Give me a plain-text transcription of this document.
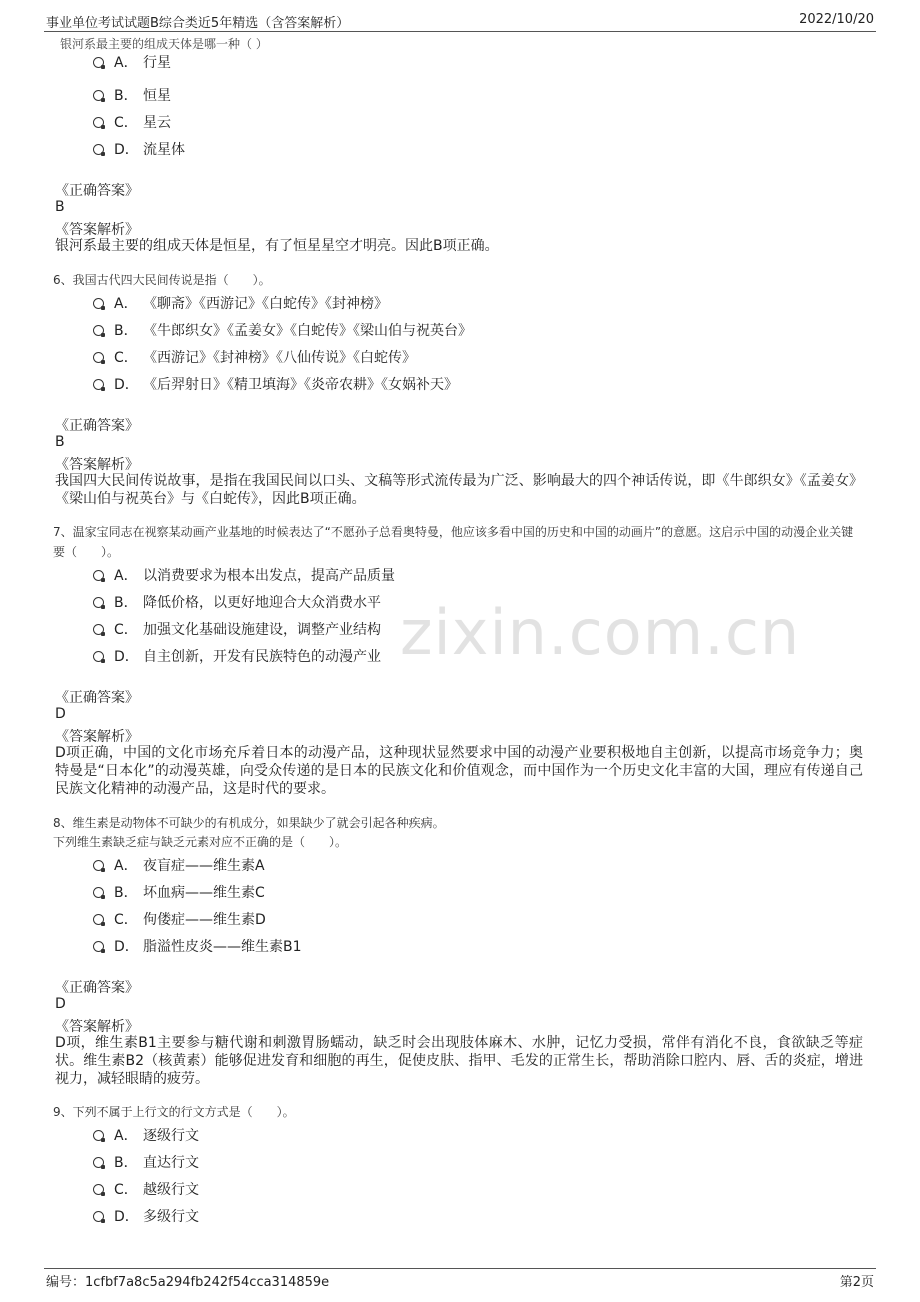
事业单位考试试题B综合类近5年精选（含答案解析）	2022/10/20
银河系最主要的组成天体是哪一种（ ）
A． 行星
B． 恒星
C． 星云
D． 流星体
《正确答案》
B
《答案解析》
银河系最主要的组成天体是恒星，有了恒星星空才明亮。因此B项正确。
6、我国古代四大民间传说是指（　　）。
A． 《聊斋》《西游记》《白蛇传》《封神榜》
B． 《牛郎织女》《孟姜女》《白蛇传》《梁山伯与祝英台》
C． 《西游记》《封神榜》《八仙传说》《白蛇传》
D． 《后羿射日》《精卫填海》《炎帝农耕》《女娲补天》
《正确答案》
B
《答案解析》
我国四大民间传说故事，是指在我国民间以口头、文稿等形式流传最为广泛、影响最大的四个神话传说，即《牛郎织女》《孟姜女》《梁山伯与祝英台》与《白蛇传》，因此B项正确。
7、温家宝同志在视察某动画产业基地的时候表达了“不愿孙子总看奥特曼，他应该多看中国的历史和中国的动画片”的意愿。这启示中国的动漫企业关键要（　　）。
A． 以消费要求为根本出发点，提高产品质量
B． 降低价格，以更好地迎合大众消费水平
C． 加强文化基础设施建设，调整产业结构
D． 自主创新，开发有民族特色的动漫产业
《正确答案》
D
《答案解析》
D项正确，中国的文化市场充斥着日本的动漫产品，这种现状显然要求中国的动漫产业要积极地自主创新，以提高市场竞争力；奥特曼是“日本化”的动漫英雄，向受众传递的是日本的民族文化和价值观念，而中国作为一个历史文化丰富的大国，理应有传递自己民族文化精神的动漫产品，这是时代的要求。
8、维生素是动物体不可缺少的有机成分，如果缺少了就会引起各种疾病。
下列维生素缺乏症与缺乏元素对应不正确的是（　　）。
A． 夜盲症——维生素A
B． 坏血病——维生素C
C． 佝偻症——维生素D
D． 脂溢性皮炎——维生素B1
《正确答案》
D
《答案解析》
D项，维生素B1主要参与糖代谢和刺激胃肠蠕动，缺乏时会出现肢体麻木、水肿，记忆力受损，常伴有消化不良，食欲缺乏等症状。维生素B2（核黄素）能够促进发育和细胞的再生，促使皮肤、指甲、毛发的正常生长，帮助消除口腔内、唇、舌的炎症，增进视力，减轻眼睛的疲劳。
9、下列不属于上行文的行文方式是（　　）。
A． 逐级行文
B． 直达行文
C． 越级行文
D． 多级行文
zixin.com.cn
编号：1cfbf7a8c5a294fb242f54cca314859e	第2页
